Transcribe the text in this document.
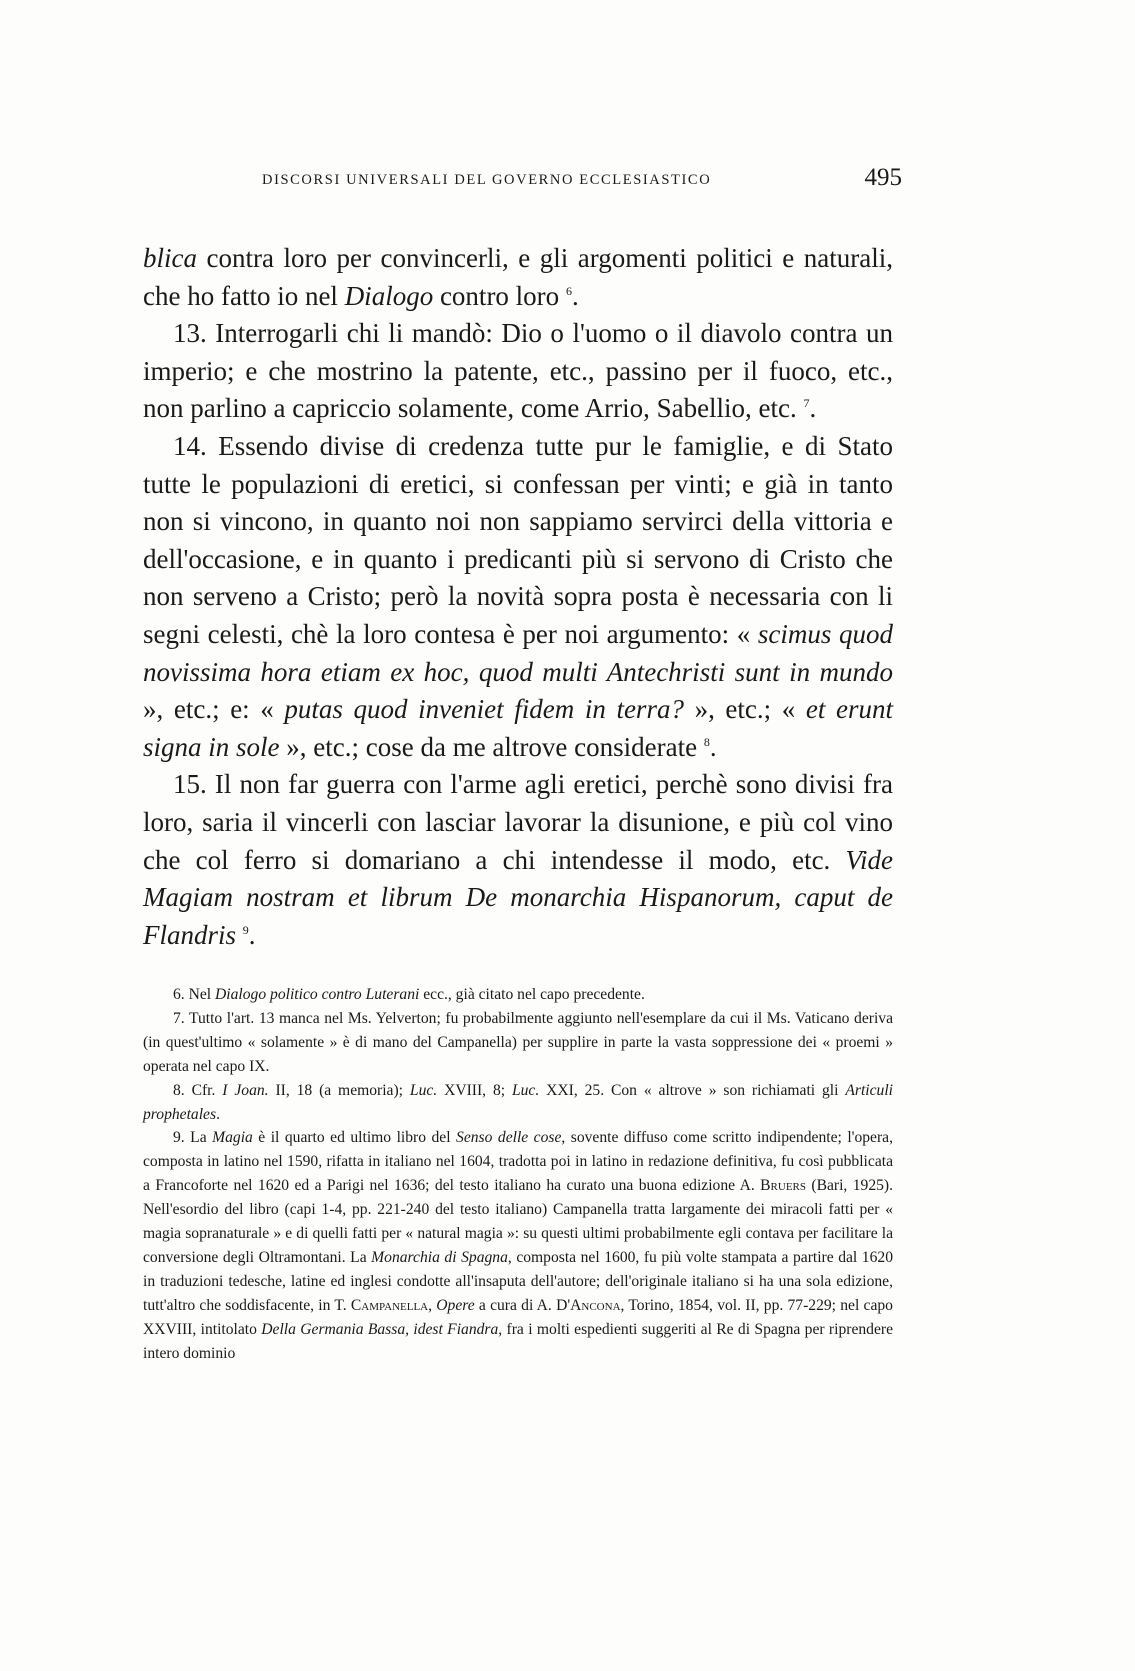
DISCORSI UNIVERSALI DEL GOVERNO ECCLESIASTICO	495

blica contra loro per convincerli, e gli argomenti politici e naturali, che ho fatto io nel Dialogo contro loro $^6$.

13. Interrogarli chi li mandò: Dio o l'uomo o il diavolo contra un imperio; e che mostrino la patente, etc., passino per il fuoco, etc., non parlino a capriccio solamente, come Arrio, Sabellio, etc. $^7$.

14. Essendo divise di credenza tutte pur le famiglie, e di Stato tutte le populazioni di eretici, si confessan per vinti; e già in tanto non si vincono, in quanto noi non sappiamo servirci della vittoria e dell'occasione, e in quanto i predicanti più si servono di Cristo che non serveno a Cristo; però la novità sopra posta è necessaria con li segni celesti, chè la loro contesa è per noi argumento: « scimus quod novissima hora etiam ex hoc, quod multi Antechristi sunt in mundo », etc.; e: « putas quod inveniet fidem in terra? », etc.; « et erunt signa in sole », etc.; cose da me altrove considerate $^8$.

15. Il non far guerra con l'arme agli eretici, perchè sono divisi fra loro, saria il vincerli con lasciar lavorar la disunione, e più col vino che col ferro si domariano a chi intendesse il modo, etc. Vide Magiam nostram et librum De monarchia Hispanorum, caput de Flandris $^9$.

6. Nel Dialogo politico contro Luterani ecc., già citato nel capo precedente.

7. Tutto l'art. 13 manca nel Ms. Yelverton; fu probabilmente aggiunto nell'esemplare da cui il Ms. Vaticano deriva (in quest'ultimo « solamente » è di mano del Campanella) per supplire in parte la vasta soppressione dei « proemi » operata nel capo IX.

8. Cfr. I Joan. II, 18 (a memoria); Luc. XVIII, 8; Luc. XXI, 25. Con « altrove » son richiamati gli Articuli prophetales.

9. La Magia è il quarto ed ultimo libro del Senso delle cose, sovente diffuso come scritto indipendente; l'opera, composta in latino nel 1590, rifatta in italiano nel 1604, tradotta poi in latino in redazione definitiva, fu così pubblicata a Francoforte nel 1620 ed a Parigi nel 1636; del testo italiano ha curato una buona edizione A. Bruers (Bari, 1925). Nell'esordio del libro (capi 1-4, pp. 221-240 del testo italiano) Campanella tratta largamente dei miracoli fatti per « magia sopranaturale » e di quelli fatti per « natural magia »: su questi ultimi probabilmente egli contava per facilitare la conversione degli Oltramontani. La Monarchia di Spagna, composta nel 1600, fu più volte stampata a partire dal 1620 in traduzioni tedesche, latine ed inglesi condotte all'insaputa dell'autore; dell'originale italiano si ha una sola edizione, tutt'altro che soddisfacente, in T. Campanella, Opere a cura di A. D'Ancona, Torino, 1854, vol. II, pp. 77-229; nel capo XXVIII, intitolato Della Germania Bassa, idest Fiandra, fra i molti espedienti suggeriti al Re di Spagna per riprendere intero dominio
